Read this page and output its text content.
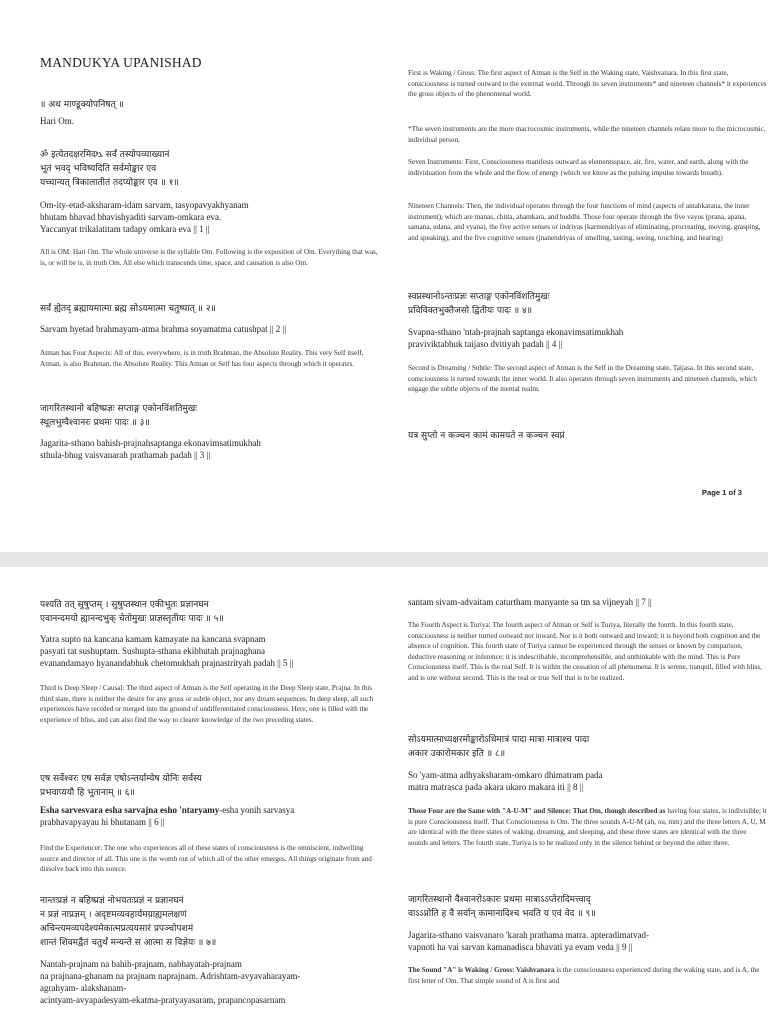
MANDUKYA UPANISHAD

॥ अथ माण्डूक्योपनिषत् ॥

Hari Om.

ॐ इत्येतदक्षरमिदᳬ सर्वं तस्योपव्याख्यानं
भूतं भवद् भविष्यदिति सर्वमोङ्कार एव
यच्चान्यत् त्रिकालातीतं तदप्योङ्कार एव ॥ १॥

Om-ity-etad-aksharam-idam sarvam, tasyopavyakhyanam
bhutam bhavad bhavishyaditi sarvam-omkara eva.
Yaccanyat trikalatitam tadapy omkara eva || 1 ||

All is OM: Hari Om. The whole universe is the syllable Om. Following is the exposition of Om. Everything that was, is, or will be is, in truth Om. All else which transcends time, space, and causation is also Om.

सर्वं ह्येतद् ब्रह्मायमात्मा ब्रह्म सोऽयमात्मा चतुष्पात् ॥ २॥

Sarvam hyetad brahmayam-atma brahma soyamatma catushpat || 2 ||

Atman has Four Aspects: All of this, everywhere, is in truth Brahman, the Absolute Reality. This very Self itself, Atman, is also Brahman, the Absolute Reality. This Atman or Self has four aspects through which it operates.

जागरितस्थानो बहिष्प्रज्ञः सप्ताङ्ग एकोनविंशतिमुखः
स्थूलभुग्वैश्वानरः प्रथमः पादः ॥ ३॥

Jagarita-sthano bahish-prajnahsaptanga ekonavimsatimukhah
sthula-bhug vaisvanarah prathamah padah || 3 ||

First is Waking / Gross: The first aspect of Atman is the Self in the Waking state, Vaishvanara. In this first state, consciousness is turned outward to the external world. Through its seven instruments* and nineteen channels* it experiences the gross objects of the phenomenal world.

*The seven instruments are the more macrocosmic instruments, while the nineteen channels relate more to the microcosmic, individual person.

Seven Instruments: First, Consciousness manifests outward as elementsspace, air, fire, water, and earth, along with the individuation from the whole and the flow of energy (which we know as the pulsing impulse towards breath).

Nineteen Channels: Then, the individual operates through the four functions of mind (aspects of antahkarana, the inner instrument), which are manas, chitta, ahamkara, and buddhi. Those four operate through the five vayus (prana, apana, samana, udana, and vyana), the five active senses or indriyas (karmendriyas of eliminating, procreating, moving, grasping, and speaking), and the five cognitive senses (jnanendriyas of smelling, tasting, seeing, touching, and hearing)

स्वप्नस्थानोऽन्तःप्रज्ञः सप्ताङ्ग एकोनविंशतिमुखः
प्रविविक्तभुक्तैजसो द्वितीयः पादः ॥ ४॥

Svapna-sthano 'ntah-prajnah saptanga ekonavimsatimukhah
praviviktabhuk taijaso dvitiyah padah || 4 ||

Second is Dreaming / Subtle: The second aspect of Atman is the Self in the Dreaming state, Taijasa. In this second state, consciousness is turned towards the inner world. It also operates through seven instruments and nineteen channels, which engage the subtle objects of the mental realm.

यत्र सुप्तो न कञ्चन कामं कामयते न कञ्चन स्वप्नं

Page 1 of 3

पश्यति तत् सुषुप्तम् । सुषुप्तस्थान एकीभूतः प्रज्ञानघन
एवानन्दमयो ह्यानन्दभुक् चेतोमुखः प्राज्ञस्तृतीयः पादः ॥ ५॥

Yatra supto na kancana kamam kamayate na kancana svapnam
pasyati tat sushuptam. Sushupta-sthana ekibhutah prajnaghana
evanandamayo hyanandabhuk chetomukhah prajnastrityah padah || 5 ||

Third is Deep Sleep / Causal: The third aspect of Atman is the Self operating in the Deep Sleep state, Prajna. In this third state, there is neither the desire for any gross or subtle object, nor any dream sequences. In deep sleep, all such experiences have receded or merged into the ground of undifferentiated consciousness. Here, one is filled with the experience of bliss, and can also find the way to clearer knowledge of the two preceding states.

एष सर्वेश्वरः एष सर्वज्ञ एषोऽन्तर्याम्येष योनिः सर्वस्य
प्रभवाप्ययौ हि भूतानाम् ॥ ६॥

Esha sarvesvara esha sarvajna esho 'ntaryamy-esha yonih sarvasya
prabhavapyayau hi bhutanam || 6 ||

Find the Experiencer: The one who experiences all of these states of consciousness is the omniscient, indwelling source and director of all. This one is the womb out of which all of the other emerges. All things originate from and dissolve back into this source.

नान्तःप्रज्ञं न बहिष्प्रज्ञं नोभयतःप्रज्ञं न प्रज्ञानघनं
न प्रज्ञं नाप्रज्ञम् । अदृष्टमव्यवहार्यमग्राह्यमलक्षणं
अचिन्त्यमव्यपदेश्यमेकात्मप्रत्ययसारं प्रपञ्चोपशमं
शान्तं शिवमद्वैतं चतुर्थं मन्यन्ते स आत्मा स विज्ञेयः ॥ ७॥

Nantah-prajnam na bahih-prajnam, nabhayatah-prajnam
na prajnana-ghanam na prajnam naprajnam. Adrishtam-avyavaharayam-
agrahyam- alakshanam-
acintyam-avyapadesyam-ekatma-pratyayasaram, prapancopasarnam

santam sivam-advaitam caturtham manyante sa tm sa vijneyah || 7 ||

The Fourth Aspect is Turiya: The fourth aspect of Atman or Self is Turiya, literally the fourth. In this fourth state, consciousness is neither turned outward nor inward. Nor is it both outward and inward; it is beyond both cognition and the absence of cognition. This fourth state of Turiya cannot be experienced through the senses or known by comparison, deductive reasoning or inference; it is indescribable, incomprehensible, and unthinkable with the mind. This is Pure Consciousness itself. This is the real Self. It is within the cessation of all phenomena. It is serene, tranquil, filled with bliss, and is one without second. This is the real or true Self that is to be realized.

सोऽयमात्माध्यक्षरमोङ्कारोऽधिमात्रं पादा मात्रा मात्राश्च पादा
अकार उकारोमकार इति ॥ ८॥

So 'yam-atma adhyaksharam-omkaro dhimatram pada
matra matrasca pada akara ukaro makara iti || 8 ||

Those Four are the Same with "A-U-M" and Silence: That Om, though described as having four states, is indivisible; it is pure Consciousness itself. That Consciousness is Om. The three sounds A-U-M (ah, ou, mm) and the three letters A, U, M are identical with the three states of waking, dreaming, and sleeping, and these three states are identical with the three sounds and letters. The fourth state, Turiya is to be realized only in the silence behind or beyond the other three.

जागरितस्थानो वैश्वानरोऽकारः प्रथमा मात्राऽऽप्तेरादिमत्त्वाद्
वाऽऽप्नोति ह वै सर्वान् कामानादिश्च भवति य एवं वेद ॥ ९॥

Jagarita-sthano vaisvanaro 'karah prathama matra. apteradimatvad-
vapnoti ha vai sarvan kamanadisca bhavati ya evam veda || 9 ||

The Sound "A" is Waking / Gross: Vaishvanara is the consciousness experienced during the waking state, and is A, the first letter of Om. That simple sound of A is first and
